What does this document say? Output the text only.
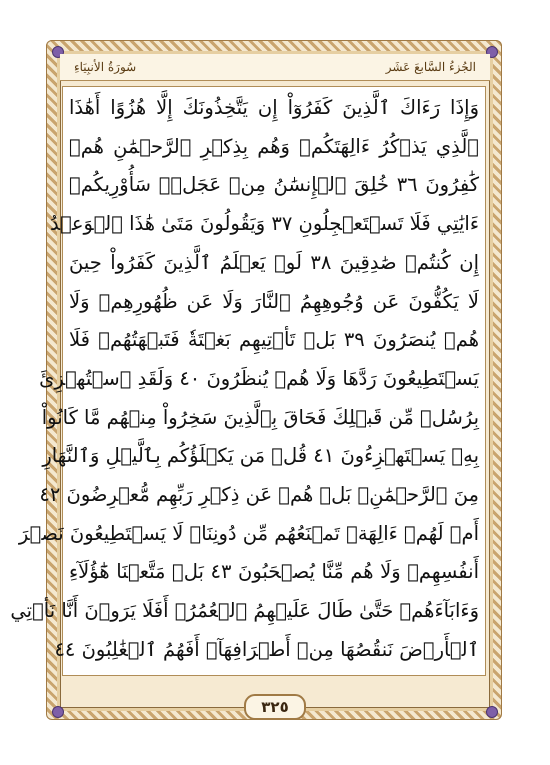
سُورَةُ الأنبِيَاءِ	الجُزءُ السَّابعَ عَشَر
وَإِذَا رَءَاكَ ٱلَّذِينَ كَفَرُوٓاْ إِن يَتَّخِذُونَكَ إِلَّا هُزُوًا أَهَٰذَا
ٱلَّذِي يَذۡكُرُ ءَالِهَتَكُمۡ وَهُم بِذِكۡرِ ٱلرَّحۡمَٰنِ هُمۡ
كَٰفِرُونَ ٣٦ خُلِقَ ٱلۡإِنسَٰنُ مِنۡ عَجَلٖۚ سَأُوْرِيكُمۡ
ءَايَٰتِي فَلَا تَسۡتَعۡجِلُونِ ٣٧ وَيَقُولُونَ مَتَىٰ هَٰذَا ٱلۡوَعۡدُ
إِن كُنتُمۡ صَٰدِقِينَ ٣٨ لَوۡ يَعۡلَمُ ٱلَّذِينَ كَفَرُواْ حِينَ
لَا يَكُفُّونَ عَن وُجُوهِهِمُ ٱلنَّارَ وَلَا عَن ظُهُورِهِمۡ وَلَا
هُمۡ يُنصَرُونَ ٣٩ بَلۡ تَأۡتِيهِم بَغۡتَةٗ فَتَبۡهَتُهُمۡ فَلَا
يَسۡتَطِيعُونَ رَدَّهَا وَلَا هُمۡ يُنظَرُونَ ٤٠ وَلَقَدِ ٱسۡتُهۡزِئَ
بِرُسُلٖ مِّن قَبۡلِكَ فَحَاقَ بِٱلَّذِينَ سَخِرُواْ مِنۡهُم مَّا كَانُواْ
بِهِۦ يَسۡتَهۡزِءُونَ ٤١ قُلۡ مَن يَكۡلَؤُكُم بِٱلَّيۡلِ وَٱلنَّهَارِ
مِنَ ٱلرَّحۡمَٰنِۚ بَلۡ هُمۡ عَن ذِكۡرِ رَبِّهِم مُّعۡرِضُونَ ٤٢
أَمۡ لَهُمۡ ءَالِهَةٞ تَمۡنَعُهُم مِّن دُونِنَاۚ لَا يَسۡتَطِيعُونَ نَصۡرَ
أَنفُسِهِمۡ وَلَا هُم مِّنَّا يُصۡحَبُونَ ٤٣ بَلۡ مَتَّعۡنَا هَٰٓؤُلَآءِ
وَءَابَآءَهُمۡ حَتَّىٰ طَالَ عَلَيۡهِمُ ٱلۡعُمُرُۗ أَفَلَا يَرَوۡنَ أَنَّا نَأۡتِي
ٱلۡأَرۡضَ نَنقُصُهَا مِنۡ أَطۡرَافِهَآۚ أَفَهُمُ ٱلۡغَٰلِبُونَ ٤٤
٣٢٥
